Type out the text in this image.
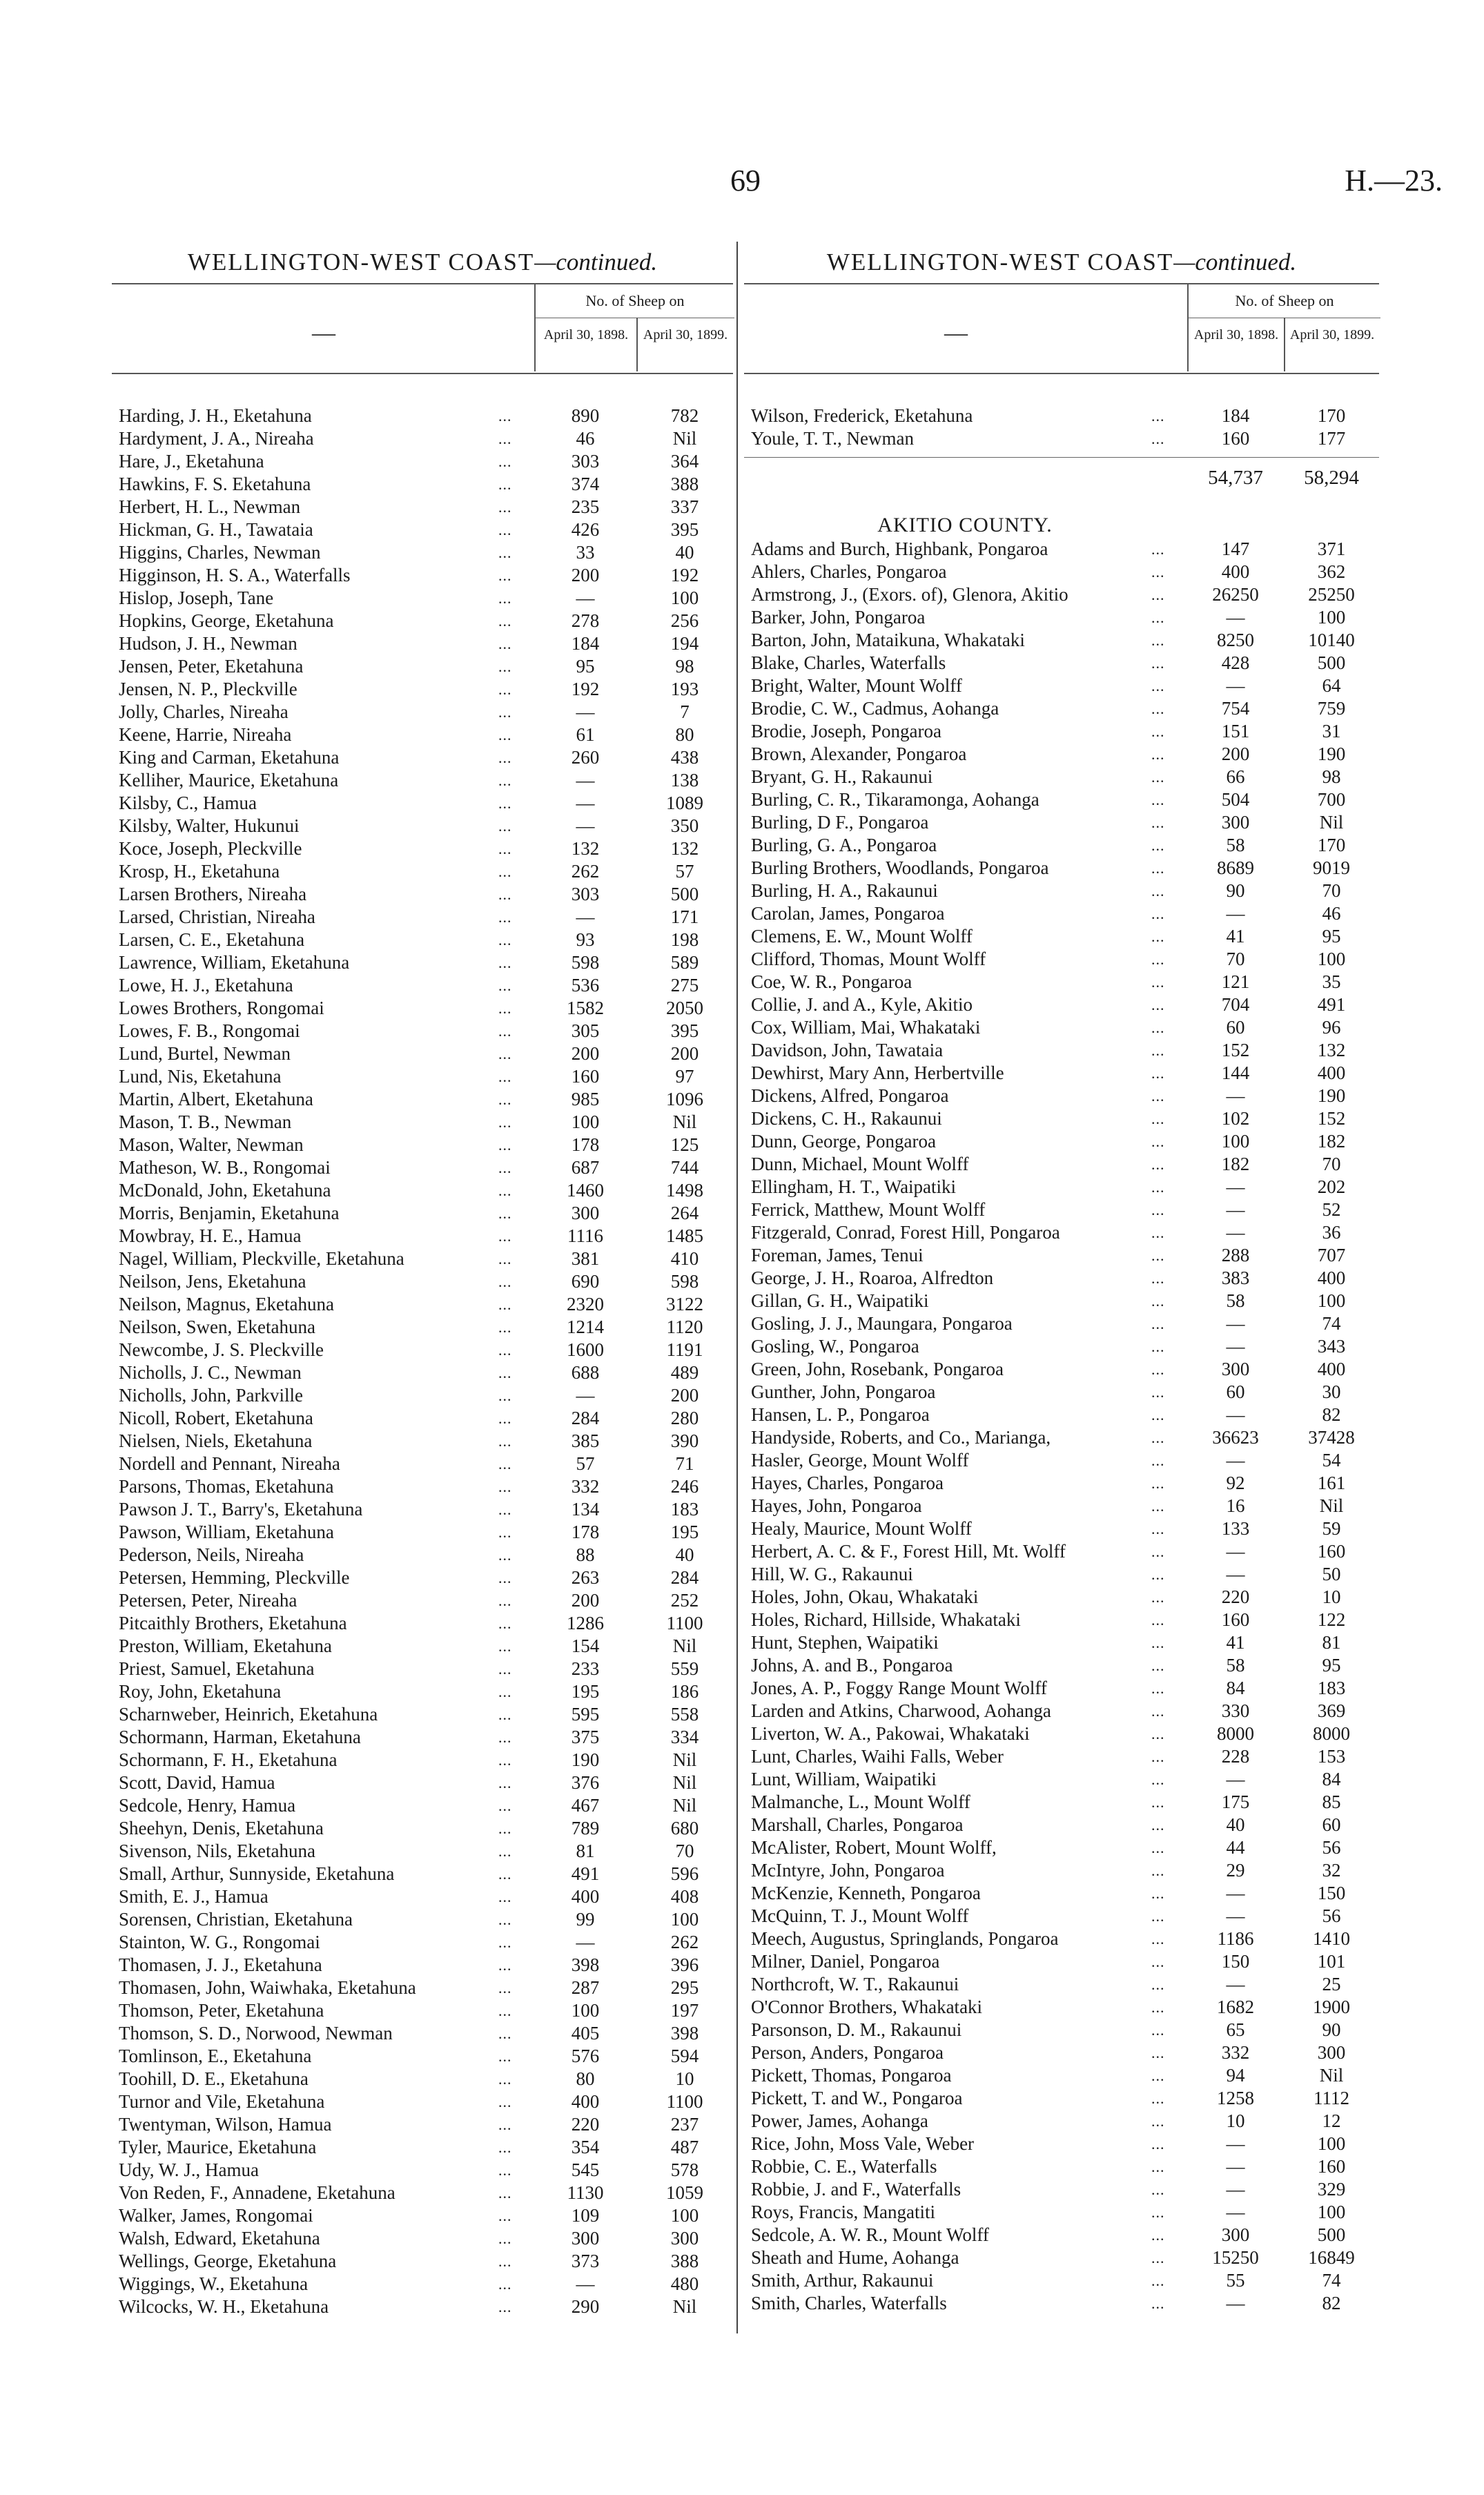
69	H.—23.
WELLINGTON-WEST COAST—continued.
—
No. of Sheep on
April 30, 1898.	April 30, 1899.
Harding, J. H., Eketahuna	...	890	782
Hardyment, J. A., Nireaha	...	46	Nil
Hare, J., Eketahuna	...	303	364
Hawkins, F. S. Eketahuna	...	374	388
Herbert, H. L., Newman	...	235	337
Hickman, G. H., Tawataia	...	426	395
Higgins, Charles, Newman	...	33	40
Higginson, H. S. A., Waterfalls	...	200	192
Hislop, Joseph, Tane	...	—	100
Hopkins, George, Eketahuna	...	278	256
Hudson, J. H., Newman	...	184	194
Jensen, Peter, Eketahuna	...	95	98
Jensen, N. P., Pleckville	...	192	193
Jolly, Charles, Nireaha	...	—	7
Keene, Harrie, Nireaha	...	61	80
King and Carman, Eketahuna	...	260	438
Kelliher, Maurice, Eketahuna	...	—	138
Kilsby, C., Hamua	...	—	1089
Kilsby, Walter, Hukunui	...	—	350
Koce, Joseph, Pleckville	...	132	132
Krosp, H., Eketahuna	...	262	57
Larsen Brothers, Nireaha	...	303	500
Larsed, Christian, Nireaha	...	—	171
Larsen, C. E., Eketahuna	...	93	198
Lawrence, William, Eketahuna	...	598	589
Lowe, H. J., Eketahuna	...	536	275
Lowes Brothers, Rongomai	...	1582	2050
Lowes, F. B., Rongomai	...	305	395
Lund, Burtel, Newman	...	200	200
Lund, Nis, Eketahuna	...	160	97
Martin, Albert, Eketahuna	...	985	1096
Mason, T. B., Newman	...	100	Nil
Mason, Walter, Newman	...	178	125
Matheson, W. B., Rongomai	...	687	744
McDonald, John, Eketahuna	...	1460	1498
Morris, Benjamin, Eketahuna	...	300	264
Mowbray, H. E., Hamua	...	1116	1485
Nagel, William, Pleckville, Eketahuna	...	381	410
Neilson, Jens, Eketahuna	...	690	598
Neilson, Magnus, Eketahuna	...	2320	3122
Neilson, Swen, Eketahuna	...	1214	1120
Newcombe, J. S. Pleckville	...	1600	1191
Nicholls, J. C., Newman	...	688	489
Nicholls, John, Parkville	...	—	200
Nicoll, Robert, Eketahuna	...	284	280
Nielsen, Niels, Eketahuna	...	385	390
Nordell and Pennant, Nireaha	...	57	71
Parsons, Thomas, Eketahuna	...	332	246
Pawson J. T., Barry's, Eketahuna	...	134	183
Pawson, William, Eketahuna	...	178	195
Pederson, Neils, Nireaha	...	88	40
Petersen, Hemming, Pleckville	...	263	284
Petersen, Peter, Nireaha	...	200	252
Pitcaithly Brothers, Eketahuna	...	1286	1100
Preston, William, Eketahuna	...	154	Nil
Priest, Samuel, Eketahuna	...	233	559
Roy, John, Eketahuna	...	195	186
Scharnweber, Heinrich, Eketahuna	...	595	558
Schormann, Harman, Eketahuna	...	375	334
Schormann, F. H., Eketahuna	...	190	Nil
Scott, David, Hamua	...	376	Nil
Sedcole, Henry, Hamua	...	467	Nil
Sheehyn, Denis, Eketahuna	...	789	680
Sivenson, Nils, Eketahuna	...	81	70
Small, Arthur, Sunnyside, Eketahuna	...	491	596
Smith, E. J., Hamua	...	400	408
Sorensen, Christian, Eketahuna	...	99	100
Stainton, W. G., Rongomai	...	—	262
Thomasen, J. J., Eketahuna	...	398	396
Thomasen, John, Waiwhaka, Eketahuna	...	287	295
Thomson, Peter, Eketahuna	...	100	197
Thomson, S. D., Norwood, Newman	...	405	398
Tomlinson, E., Eketahuna	...	576	594
Toohill, D. E., Eketahuna	...	80	10
Turnor and Vile, Eketahuna	...	400	1100
Twentyman, Wilson, Hamua	...	220	237
Tyler, Maurice, Eketahuna	...	354	487
Udy, W. J., Hamua	...	545	578
Von Reden, F., Annadene, Eketahuna	...	1130	1059
Walker, James, Rongomai	...	109	100
Walsh, Edward, Eketahuna	...	300	300
Wellings, George, Eketahuna	...	373	388
Wiggings, W., Eketahuna	...	—	480
Wilcocks, W. H., Eketahuna	...	290	Nil
WELLINGTON-WEST COAST—continued.
—
No. of Sheep on
April 30, 1898. April 30, 1899.
Wilson, Frederick, Eketahuna	...	184	170
Youle, T. T., Newman	...	160	177
54,737	58,294
AKITIO COUNTY.
Adams and Burch, Highbank, Pongaroa	...	147	371
Ahlers, Charles, Pongaroa	...	400	362
Armstrong, J., (Exors. of), Glenora, Akitio	...	26250	25250
Barker, John, Pongaroa	...	—	100
Barton, John, Mataikuna, Whakataki	...	8250	10140
Blake, Charles, Waterfalls	...	428	500
Bright, Walter, Mount Wolff	...	—	64
Brodie, C. W., Cadmus, Aohanga	...	754	759
Brodie, Joseph, Pongaroa	...	151	31
Brown, Alexander, Pongaroa	...	200	190
Bryant, G. H., Rakaunui	...	66	98
Burling, C. R., Tikaramonga, Aohanga	...	504	700
Burling, D F., Pongaroa	...	300	Nil
Burling, G. A., Pongaroa	...	58	170
Burling Brothers, Woodlands, Pongaroa	...	8689	9019
Burling, H. A., Rakaunui	...	90	70
Carolan, James, Pongaroa	...	—	46
Clemens, E. W., Mount Wolff	...	41	95
Clifford, Thomas, Mount Wolff	...	70	100
Coe, W. R., Pongaroa	...	121	35
Collie, J. and A., Kyle, Akitio	...	704	491
Cox, William, Mai, Whakataki	...	60	96
Davidson, John, Tawataia	...	152	132
Dewhirst, Mary Ann, Herbertville	...	144	400
Dickens, Alfred, Pongaroa	...	—	190
Dickens, C. H., Rakaunui	...	102	152
Dunn, George, Pongaroa	...	100	182
Dunn, Michael, Mount Wolff	...	182	70
Ellingham, H. T., Waipatiki	...	—	202
Ferrick, Matthew, Mount Wolff	...	—	52
Fitzgerald, Conrad, Forest Hill, Pongaroa	...	—	36
Foreman, James, Tenui	...	288	707
George, J. H., Roaroa, Alfredton	...	383	400
Gillan, G. H., Waipatiki	...	58	100
Gosling, J. J., Maungara, Pongaroa	...	—	74
Gosling, W., Pongaroa	...	—	343
Green, John, Rosebank, Pongaroa	...	300	400
Gunther, John, Pongaroa	...	60	30
Hansen, L. P., Pongaroa	...	—	82
Handyside, Roberts, and Co., Marianga,	...	36623	37428
Hasler, George, Mount Wolff	...	—	54
Hayes, Charles, Pongaroa	...	92	161
Hayes, John, Pongaroa	...	16	Nil
Healy, Maurice, Mount Wolff	...	133	59
Herbert, A. C. & F., Forest Hill, Mt. Wolff	...	—	160
Hill, W. G., Rakaunui	...	—	50
Holes, John, Okau, Whakataki	...	220	10
Holes, Richard, Hillside, Whakataki	...	160	122
Hunt, Stephen, Waipatiki	...	41	81
Johns, A. and B., Pongaroa	...	58	95
Jones, A. P., Foggy Range Mount Wolff	...	84	183
Larden and Atkins, Charwood, Aohanga	...	330	369
Liverton, W. A., Pakowai, Whakataki	...	8000	8000
Lunt, Charles, Waihi Falls, Weber	...	228	153
Lunt, William, Waipatiki	...	—	84
Malmanche, L., Mount Wolff	...	175	85
Marshall, Charles, Pongaroa	...	40	60
McAlister, Robert, Mount Wolff,	...	44	56
McIntyre, John, Pongaroa	...	29	32
McKenzie, Kenneth, Pongaroa	...	—	150
McQuinn, T. J., Mount Wolff	...	—	56
Meech, Augustus, Springlands, Pongaroa	...	1186	1410
Milner, Daniel, Pongaroa	...	150	101
Northcroft, W. T., Rakaunui	...	—	25
O'Connor Brothers, Whakataki	...	1682	1900
Parsonson, D. M., Rakaunui	...	65	90
Person, Anders, Pongaroa	...	332	300
Pickett, Thomas, Pongaroa	...	94	Nil
Pickett, T. and W., Pongaroa	...	1258	1112
Power, James, Aohanga	...	10	12
Rice, John, Moss Vale, Weber	...	—	100
Robbie, C. E., Waterfalls	...	—	160
Robbie, J. and F., Waterfalls	...	—	329
Roys, Francis, Mangatiti	...	—	100
Sedcole, A. W. R., Mount Wolff	...	300	500
Sheath and Hume, Aohanga	...	15250	16849
Smith, Arthur, Rakaunui	...	55	74
Smith, Charles, Waterfalls	...	—	82
